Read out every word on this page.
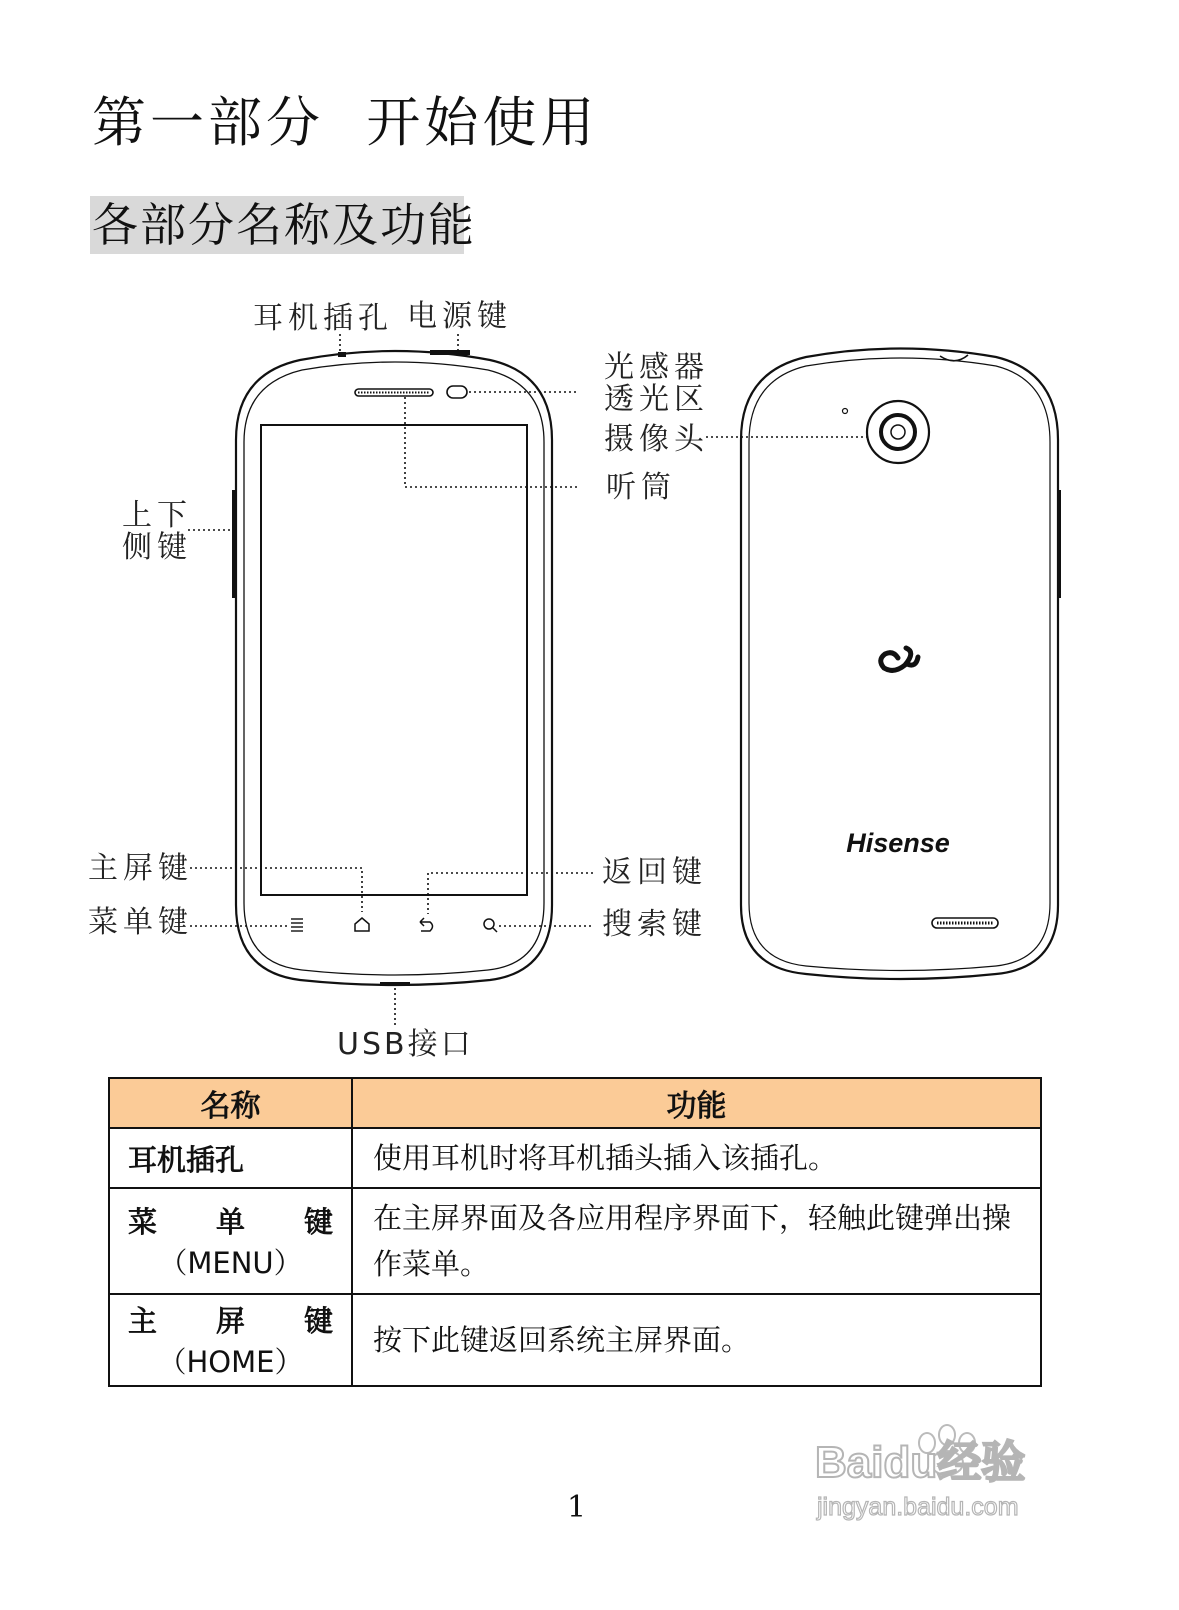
第一部分  开始使用
各部分名称及功能
Hisense
耳机插孔 电源键
光感器
透光区
摄像头
听筒
上下
侧键
主屏键
菜单键
返回键
搜索键
USB接口
名称	功能
耳机插孔	使用耳机时将耳机插头插入该插孔。

菜 单 键
（MENU）	在主屏界面及各应用程序界面下，轻触此键弹出操作菜单。

主 屏 键
（HOME）	按下此键返回系统主屏界面。
Baidu经验
jingyan.baidu.com
1
